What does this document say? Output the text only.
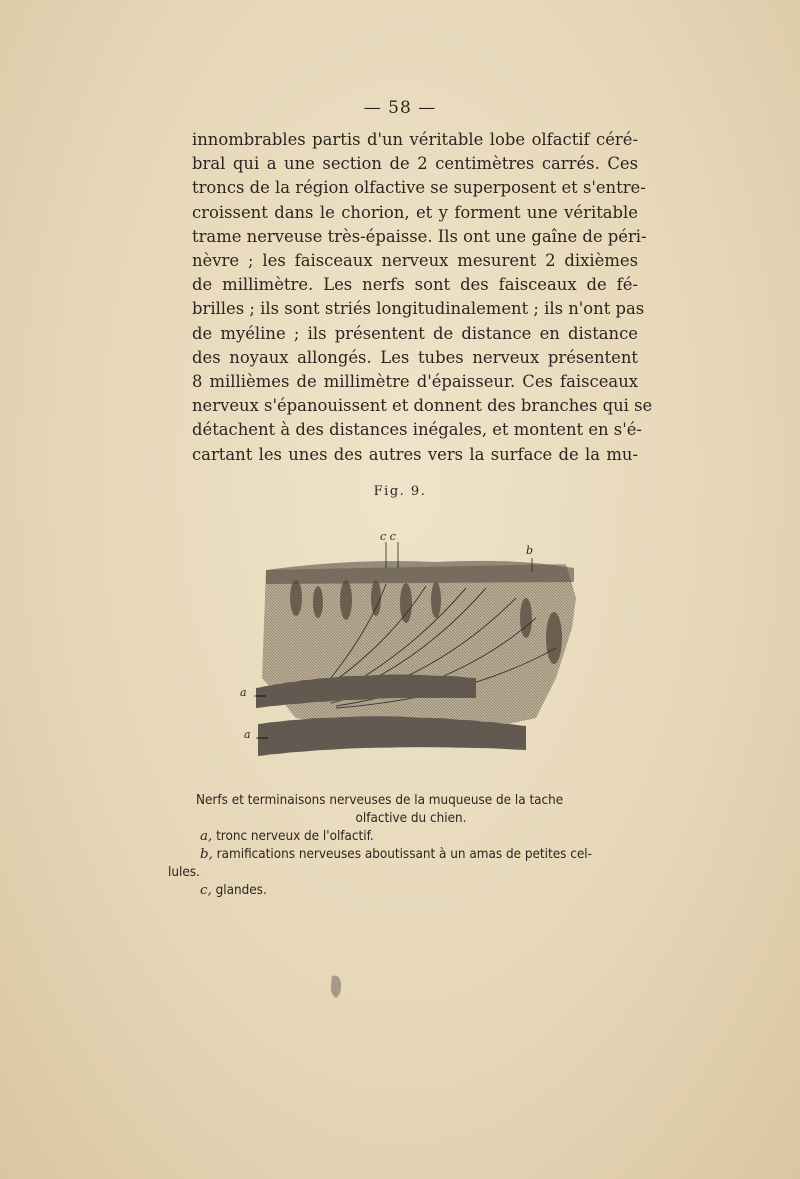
— 58 —
innombrables partis d'un véritable lobe olfactif céré-
bral qui a une section de 2 centimètres carrés. Ces
troncs de la région olfactive se superposent et s'entre-
croissent dans le chorion, et y forment une véritable
trame nerveuse très-épaisse. Ils ont une gaîne de péri-
nèvre ; les faisceaux nerveux mesurent 2 dixièmes
de millimètre. Les nerfs sont des faisceaux de fé-
brilles ; ils sont striés longitudinalement ; ils n'ont pas
de myéline ; ils présentent de distance en distance
des noyaux allongés. Les tubes nerveux présentent
8 millièmes de millimètre d'épaisseur. Ces faisceaux
nerveux s'épanouissent et donnent des branches qui se
détachent à des distances inégales, et montent en s'é-
cartant les unes des autres vers la surface de la mu-
Fig. 9.
c c
b
a
a
Nerfs et terminaisons nerveuses de la muqueuse de la tache
olfactive du chien.
a, tronc nerveux de l'olfactif.
b, ramifications nerveuses aboutissant à un amas de petites cel-
lules.
c, glandes.
